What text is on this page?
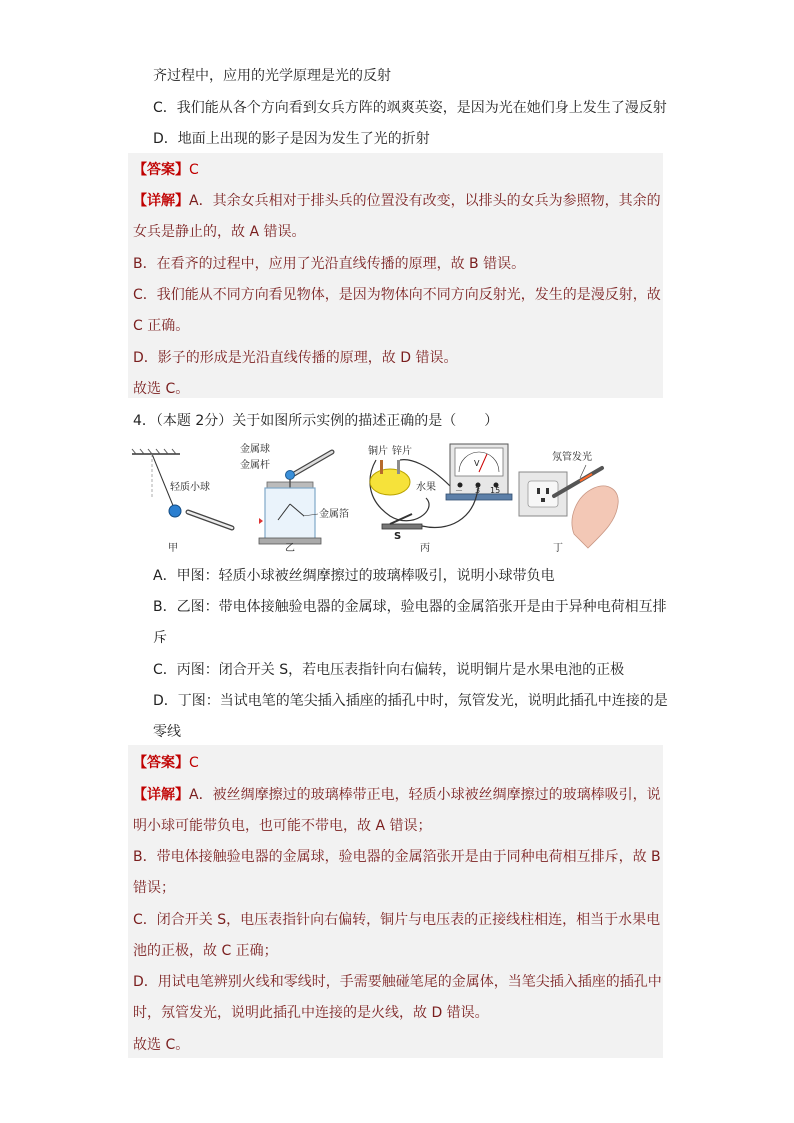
齐过程中，应用的光学原理是光的反射
C．我们能从各个方向看到女兵方阵的飒爽英姿，是因为光在她们身上发生了漫反射
D．地面上出现的影子是因为发生了光的折射
【答案】C
【详解】A．其余女兵相对于排头兵的位置没有改变，以排头的女兵为参照物，其余的
女兵是静止的，故 A 错误。
B．在看齐的过程中，应用了光沿直线传播的原理，故 B 错误。
C．我们能从不同方向看见物体，是因为物体向不同方向反射光，发生的是漫反射，故
C 正确。
D．影子的形成是光沿直线传播的原理，故 D 错误。
故选 C。
4．（本题 2分）关于如图所示实例的描述正确的是（　　）
轻质小球
金属球
金属杆
金属箔
铜片 锌片
水果
V
－ 3 15
S
氖管发光
甲	乙	丙	丁
A．甲图：轻质小球被丝绸摩擦过的玻璃棒吸引，说明小球带负电
B．乙图：带电体接触验电器的金属球，验电器的金属箔张开是由于异种电荷相互排
斥
C．丙图：闭合开关 S，若电压表指针向右偏转，说明铜片是水果电池的正极
D．丁图：当试电笔的笔尖插入插座的插孔中时，氖管发光，说明此插孔中连接的是
零线
【答案】C
【详解】A．被丝绸摩擦过的玻璃棒带正电，轻质小球被丝绸摩擦过的玻璃棒吸引，说
明小球可能带负电，也可能不带电，故 A 错误；
B．带电体接触验电器的金属球，验电器的金属箔张开是由于同种电荷相互排斥，故 B
错误；
C．闭合开关 S，电压表指针向右偏转，铜片与电压表的正接线柱相连，相当于水果电
池的正极，故 C 正确；
D．用试电笔辨别火线和零线时，手需要触碰笔尾的金属体，当笔尖插入插座的插孔中
时，氖管发光，说明此插孔中连接的是火线，故 D 错误。
故选 C。
